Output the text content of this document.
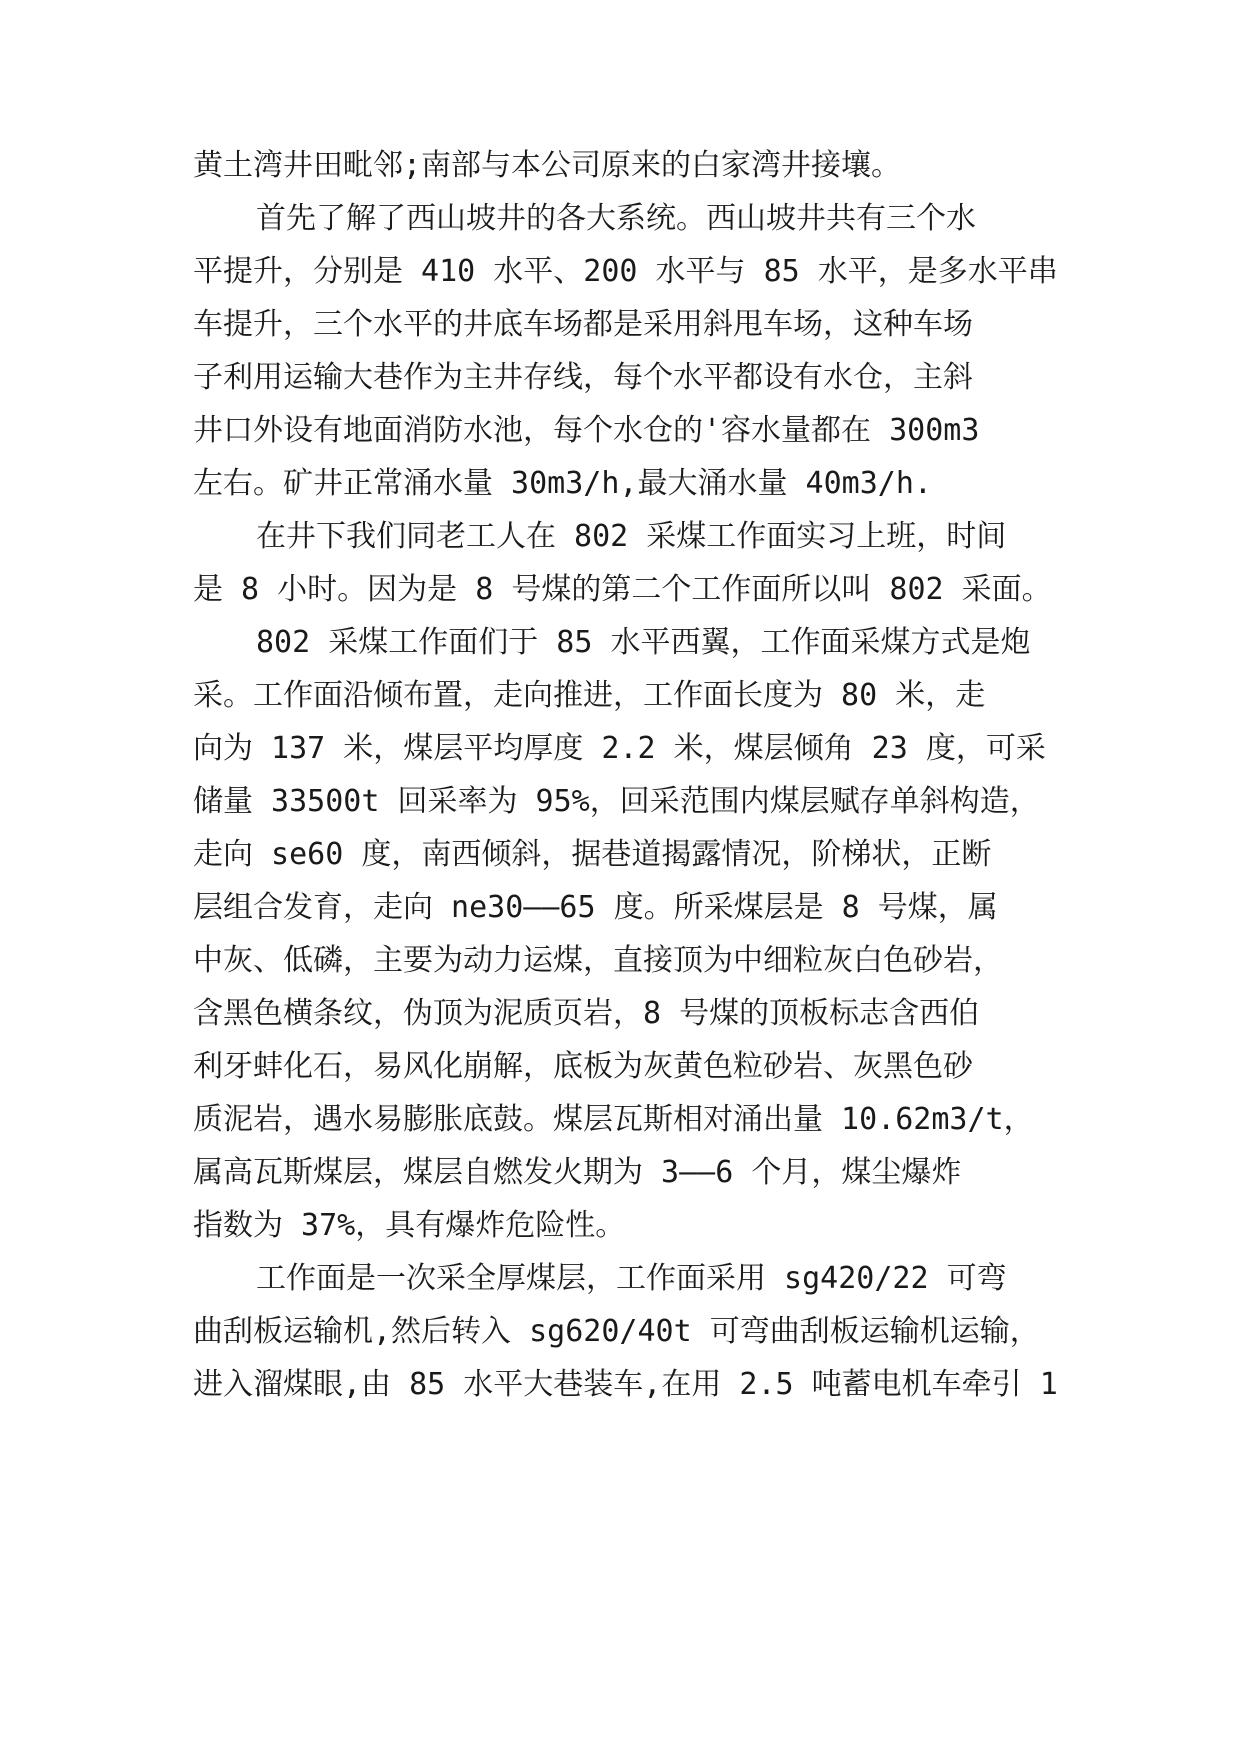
黄土湾井田毗邻;南部与本公司原来的白家湾井接壤。
首先了解了西山坡井的各大系统。西山坡井共有三个水
平提升，分别是 410 水平、200 水平与 85 水平，是多水平串
车提升，三个水平的井底车场都是采用斜甩车场，这种车场
子利用运输大巷作为主井存线，每个水平都设有水仓，主斜
井口外设有地面消防水池，每个水仓的'容水量都在 300m3
左右。矿井正常涌水量 30m3/h,最大涌水量 40m3/h.
在井下我们同老工人在 802 采煤工作面实习上班，时间
是 8 小时。因为是 8 号煤的第二个工作面所以叫 802 采面。
802 采煤工作面们于 85 水平西翼，工作面采煤方式是炮
采。工作面沿倾布置，走向推进，工作面长度为 80 米，走
向为 137 米，煤层平均厚度 2.2 米，煤层倾角 23 度，可采
储量 33500t 回采率为 95%，回采范围内煤层赋存单斜构造，
走向 se60 度，南西倾斜，据巷道揭露情况，阶梯状，正断
层组合发育，走向 ne30——65 度。所采煤层是 8 号煤，属
中灰、低磷，主要为动力运煤，直接顶为中细粒灰白色砂岩，
含黑色横条纹，伪顶为泥质页岩，8 号煤的顶板标志含西伯
利牙蚌化石，易风化崩解，底板为灰黄色粒砂岩、灰黑色砂
质泥岩，遇水易膨胀底鼓。煤层瓦斯相对涌出量 10.62m3/t，
属高瓦斯煤层，煤层自燃发火期为 3——6 个月，煤尘爆炸
指数为 37%，具有爆炸危险性。
工作面是一次采全厚煤层，工作面采用 sg420/22 可弯
曲刮板运输机,然后转入 sg620/40t 可弯曲刮板运输机运输，
进入溜煤眼,由 85 水平大巷装车,在用 2.5 吨蓄电机车牵引 1
